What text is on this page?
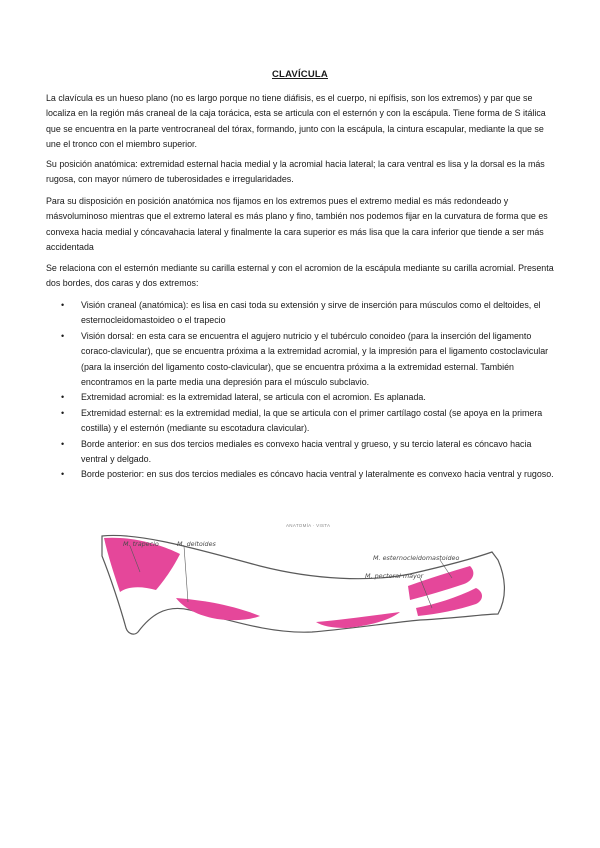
CLAVÍCULA

La clavícula es un hueso plano (no es largo porque no tiene diáfisis, es el cuerpo, ni epífisis, son los extremos) y par que se localiza en la región más craneal de la caja torácica, esta se articula con el esternón y con la escápula. Tiene forma de S itálica que se encuentra en la parte ventrocraneal del tórax, formando, junto con la escápula, la cintura escapular, mediante la que se une el tronco con el miembro superior.

Su posición anatómica: extremidad esternal hacia medial y la acromial hacia lateral; la cara ventral es lisa y la dorsal es la más rugosa, con mayor número de tuberosidades e irregularidades.

Para su disposición en posición anatómica nos fijamos en los extremos pues el extremo medial es más redondeado y másvoluminoso mientras que el extremo lateral es más plano y fino, también nos podemos fijar en la curvatura de forma que es convexa hacia medial y cóncavahacia lateral y finalmente la cara superior es más lisa que la cara inferior que tiende a ser más accidentada

Se relaciona con el esternón mediante su carilla esternal y con el acromion de la escápula mediante su carilla acromial. Presenta dos bordes, dos caras y dos extremos:

• Visión craneal (anatómica): es lisa en casi toda su extensión y sirve de inserción para músculos como el deltoides, el esternocleidomastoideo o el trapecio
• Visión dorsal: en esta cara se encuentra el agujero nutricio y el tubérculo conoideo (para la inserción del ligamento coraco-clavicular), que se encuentra próxima a la extremidad acromial, y la impresión para el ligamento costoclavicular (para la inserción del ligamento costo-clavicular), que se encuentra próxima a la extremidad esternal. También encontramos en la parte media una depresión para el músculo subclavio.
• Extremidad acromial: es la extremidad lateral, se articula con el acromion. Es aplanada.
• Extremidad esternal: es la extremidad medial, la que se articula con el primer cartílago costal (se apoya en la primera costilla) y el esternón (mediante su escotadura clavicular).
• Borde anterior: en sus dos tercios mediales es convexo hacia ventral y grueso, y su tercio lateral es cóncavo hacia ventral y delgado.
• Borde posterior: en sus dos tercios mediales es cóncavo hacia ventral y lateralmente es convexo hacia ventral y rugoso.
ANATOMÍA · VISTA
M. trapecio	M. deltoides
M. esternocleidomastoideo
M. pectoral mayor
